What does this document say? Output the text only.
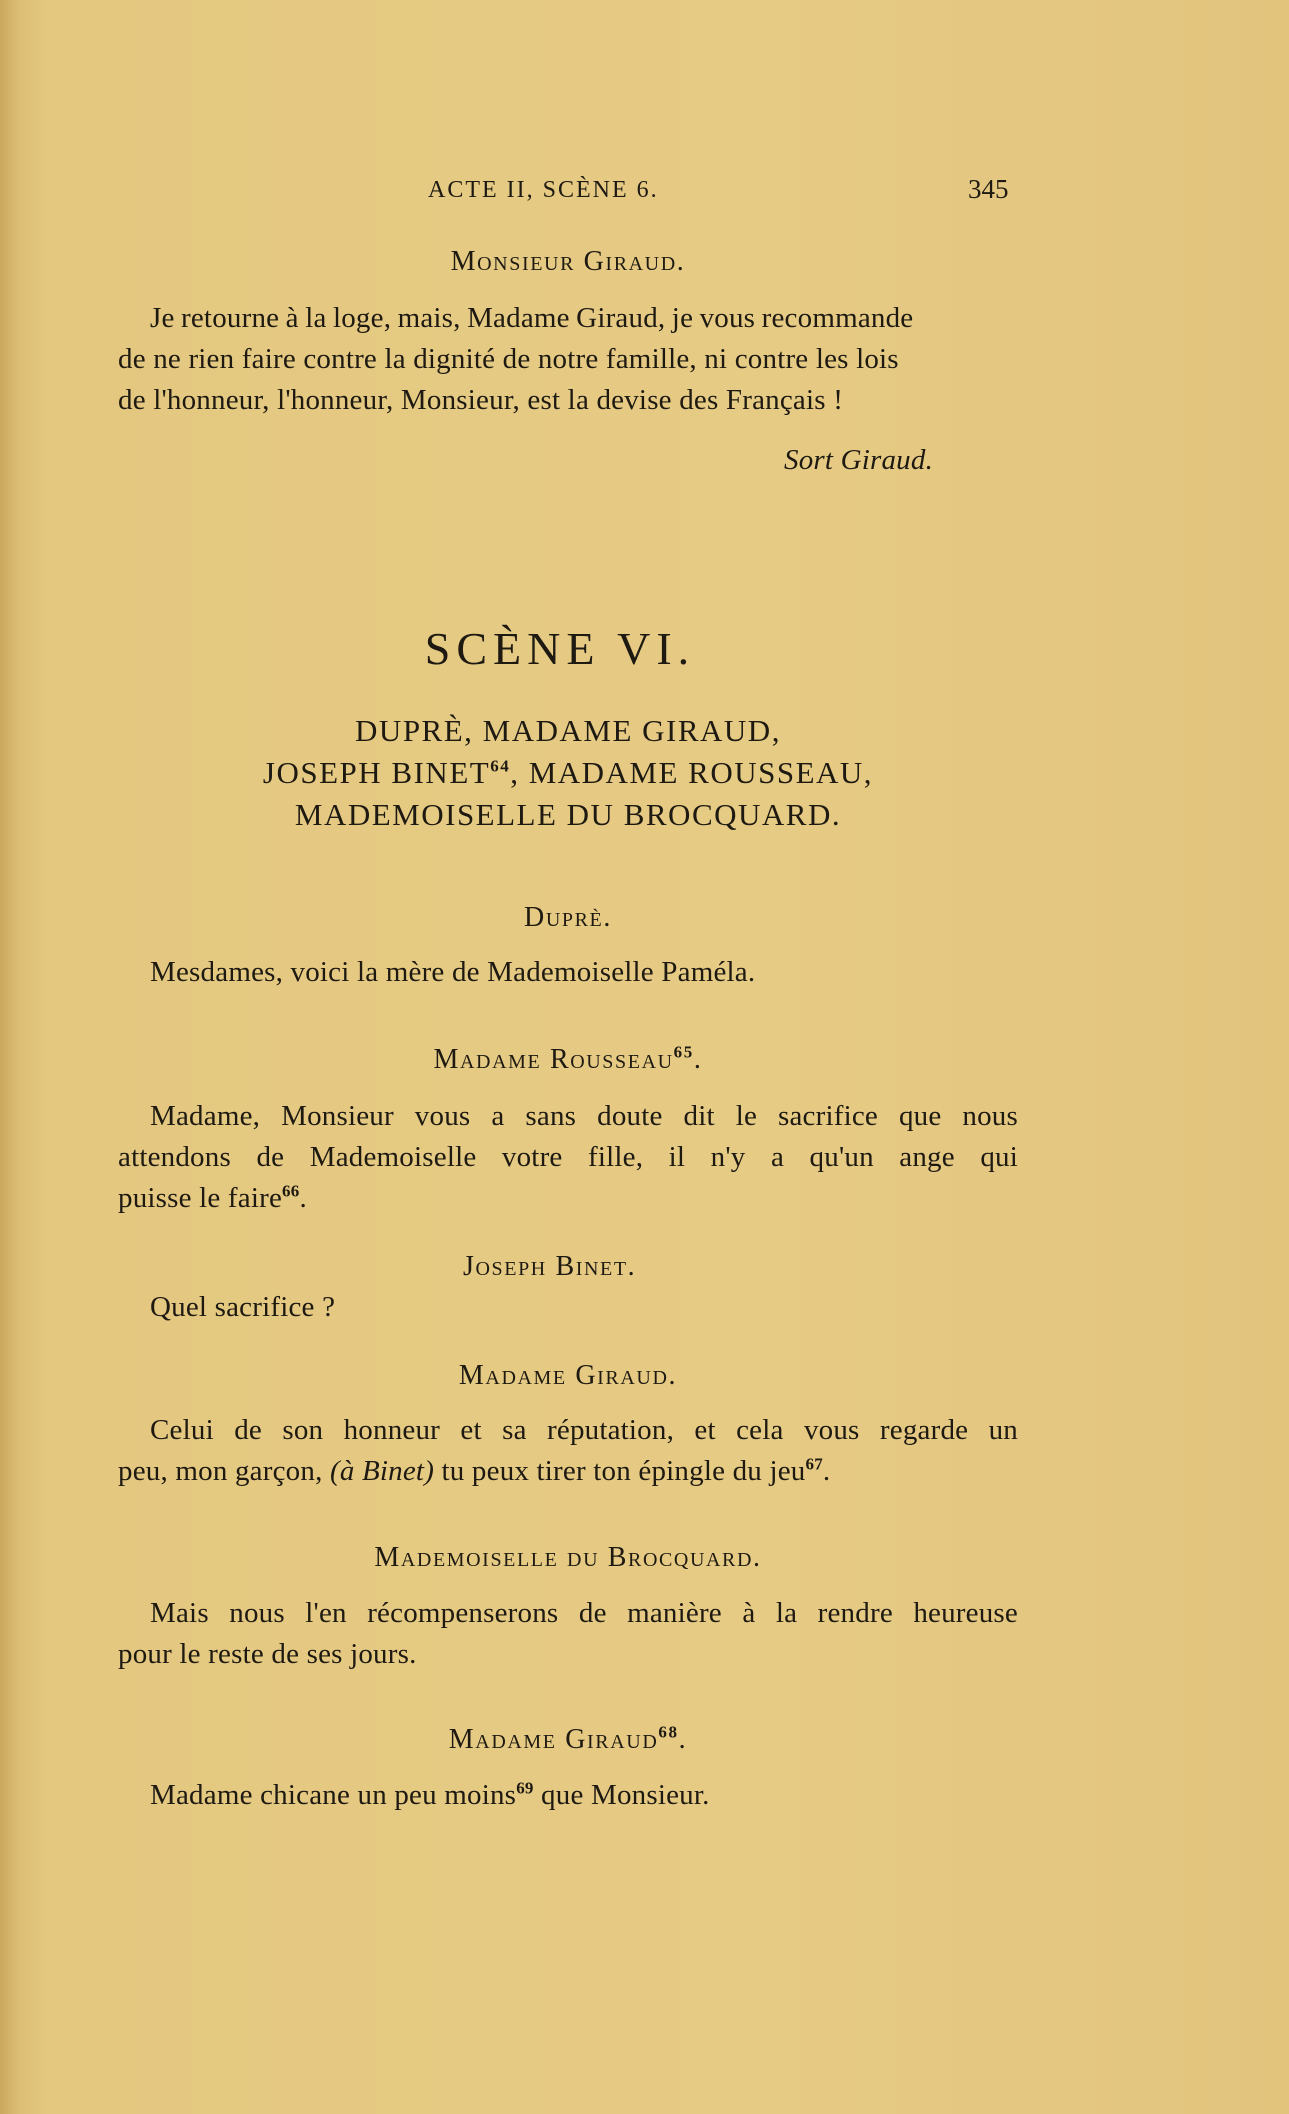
ACTE II, SCÈNE 6.	345
Monsieur Giraud.
Je retourne à la loge, mais, Madame Giraud, je vous recommande
de ne rien faire contre la dignité de notre famille, ni contre les lois
de l'honneur, l'honneur, Monsieur, est la devise des Français !
Sort Giraud.
SCÈNE VI.
DUPRÈ, MADAME GIRAUD,
JOSEPH BINET$^{64}$, MADAME ROUSSEAU,
MADEMOISELLE DU BROCQUARD.
Duprè.
Mesdames, voici la mère de Mademoiselle Paméla.
Madame Rousseau$^{65}$.
Madame, Monsieur vous a sans doute dit le sacrifice que nous
attendons de Mademoiselle votre fille, il n'y a qu'un ange qui
puisse le faire$^{66}$.
Joseph Binet.
Quel sacrifice ?
Madame Giraud.
Celui de son honneur et sa réputation, et cela vous regarde un
peu, mon garçon, (à Binet) tu peux tirer ton épingle du jeu$^{67}$.
Mademoiselle du Brocquard.
Mais nous l'en récompenserons de manière à la rendre heureuse
pour le reste de ses jours.
Madame Giraud$^{68}$.
Madame chicane un peu moins$^{69}$ que Monsieur.
